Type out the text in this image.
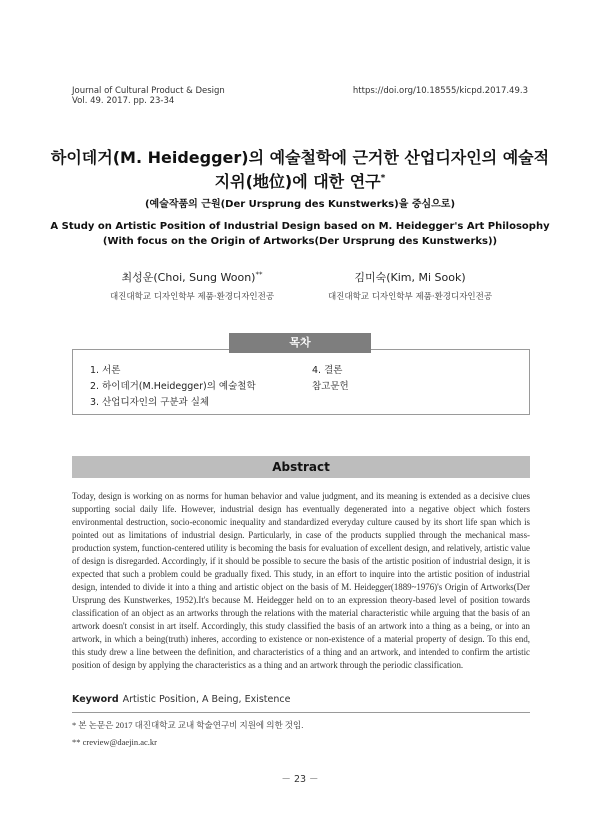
Journal of Cultural Product & Design
Vol. 49. 2017. pp. 23-34
https://doi.org/10.18555/kicpd.2017.49.3
하이데거(M. Heidegger)의 예술철학에 근거한 산업디자인의 예술적
지위(地位)에 대한 연구*
(예술작품의 근원(Der Ursprung des Kunstwerks)을 중심으로)
A Study on Artistic Position of Industrial Design based on M. Heidegger's Art Philosophy
(With focus on the Origin of Artworks(Der Ursprung des Kunstwerks))
최성운(Choi, Sung Woon)**
대진대학교 디자인학부 제품·환경디자인전공
김미숙(Kim, Mi Sook)
대진대학교 디자인학부 제품·환경디자인전공
목차
1. 서론
2. 하이데거(M.Heidegger)의 예술철학
3. 산업디자인의 구분과 실체
4. 결론
참고문헌
Abstract

Today, design is working on as norms for human behavior and value judgment, and its meaning is extended as a decisive clues supporting social daily life. However, industrial design has eventually degenerated into a negative object which fosters environmental destruction, socio-economic inequality and standardized everyday culture caused by its short life span which is pointed out as limitations of industrial design. Particularly, in case of the products supplied through the mechanical mass-production system, function-centered utility is becoming the basis for evaluation of excellent design, and relatively, artistic value of design is disregarded. Accordingly, if it should be possible to secure the basis of the artistic position of industrial design, it is expected that such a problem could be gradually fixed. This study, in an effort to inquire into the artistic position of industrial design, intended to divide it into a thing and artistic object on the basis of M. Heidegger(1889~1976)'s Origin of Artworks(Der Ursprung des Kunstwerkes, 1952).It's because M. Heidegger held on to an expression theory-based level of position towards classification of an object as an artworks through the relations with the material characteristic while arguing that the basis of an artwork doesn't consist in art itself. Accordingly, this study classified the basis of an artwork into a thing as a being, or into an artwork, in which a being(truth) inheres, according to existence or non-existence of a material property of design. To this end, this study drew a line between the definition, and characteristics of a thing and an artwork, and intended to confirm the artistic position of design by applying the characteristics as a thing and an artwork through the periodic classification.

Keyword Artistic Position, A Being, Existence
* 본 논문은 2017 대진대학교 교내 학술연구비 지원에 의한 것임.
** creview@daejin.ac.kr
－ 23 －
